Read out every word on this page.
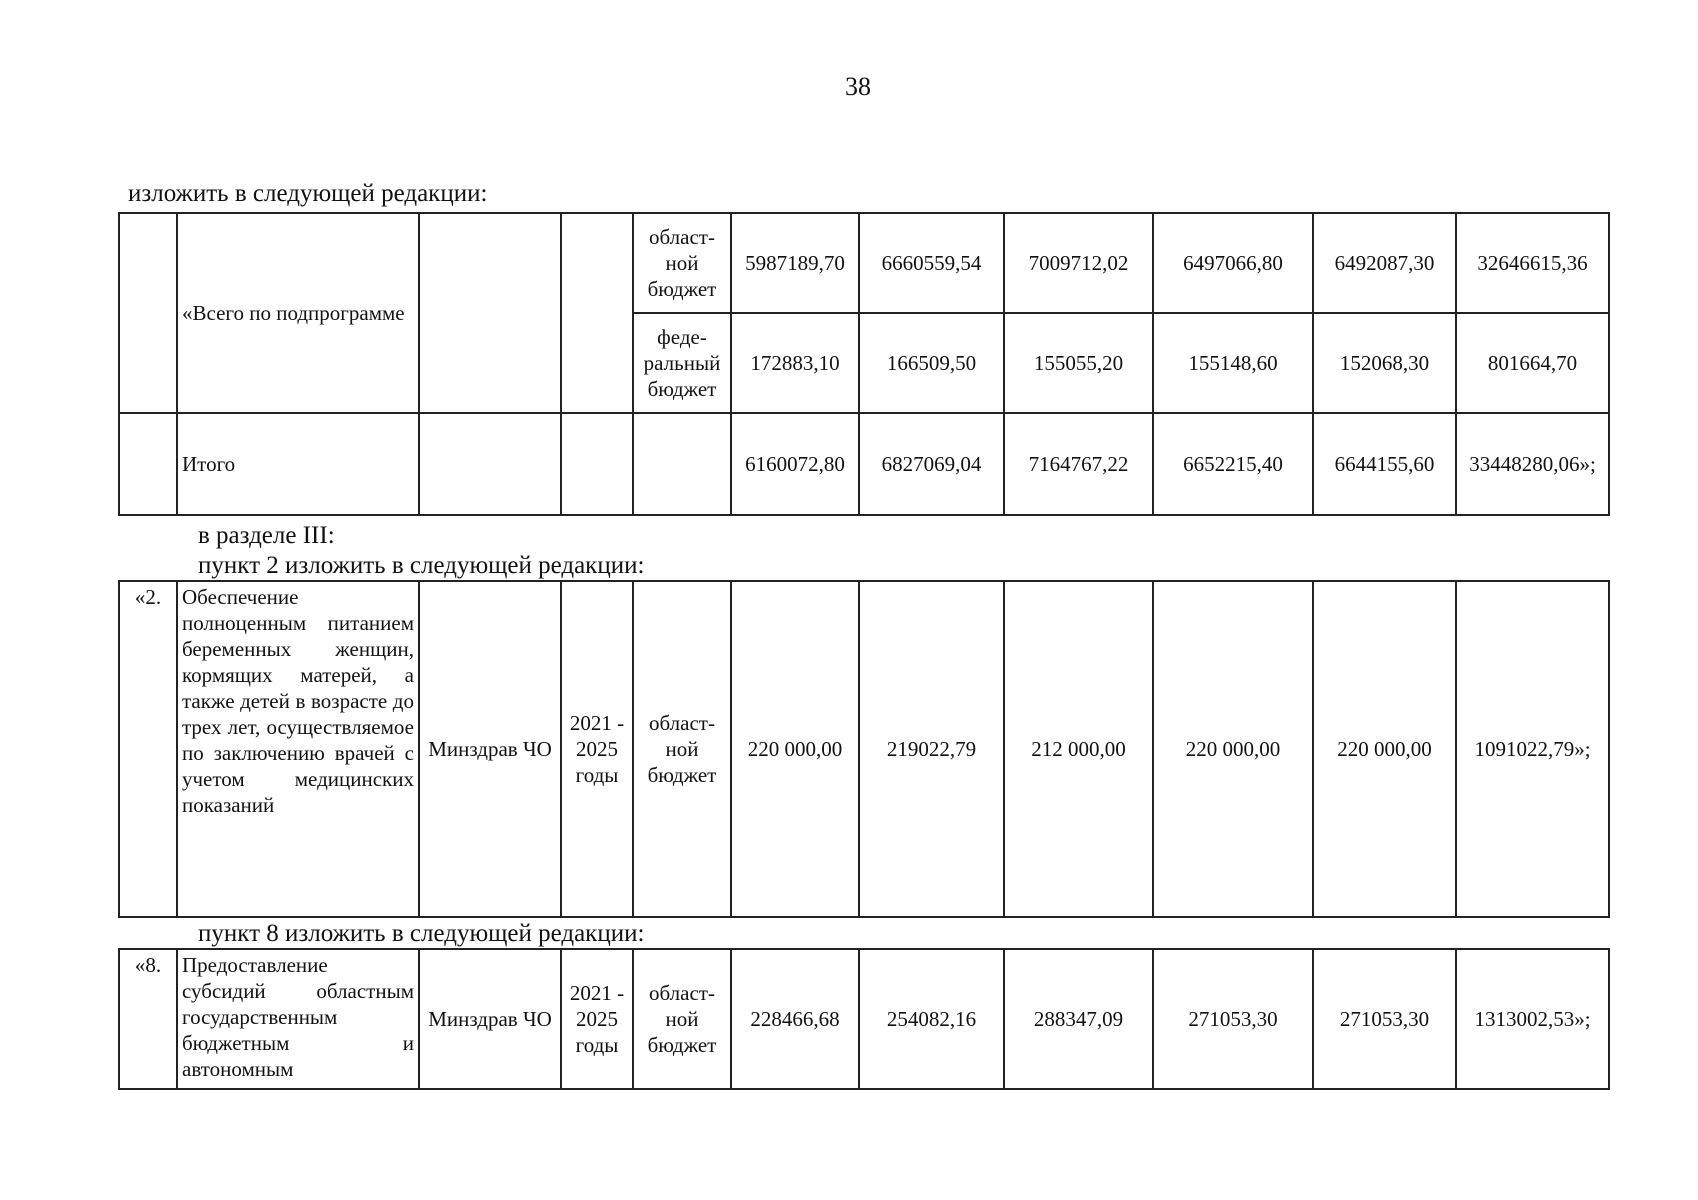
38
изложить в следующей редакции:
	«Всего по подпрограмме			област-ной бюджет	5987189,70	6660559,54	7009712,02	6497066,80	6492087,30	32646615,36
				феде-ральный бюджет	172883,10	166509,50	155055,20	155148,60	152068,30	801664,70
	Итого				6160072,80	6827069,04	7164767,22	6652215,40	6644155,60	33448280,06»;
в разделе III:
пункт 2 изложить в следующей редакции:
«2.	Обеспечение полноценным питанием беременных женщин, кормящих матерей, а также детей в возрасте до трех лет, осуществляемое по заключению врачей с учетом медицинских показаний	Минздрав ЧО	2021 - 2025 годы	област-ной бюджет	220 000,00	219022,79	212 000,00	220 000,00	220 000,00	1091022,79»;
пункт 8 изложить в следующей редакции:
«8.	Предоставление субсидий областным государственным бюджетным и автономным	Минздрав ЧО	2021 - 2025 годы	област-ной бюджет	228466,68	254082,16	288347,09	271053,30	271053,30	1313002,53»;
